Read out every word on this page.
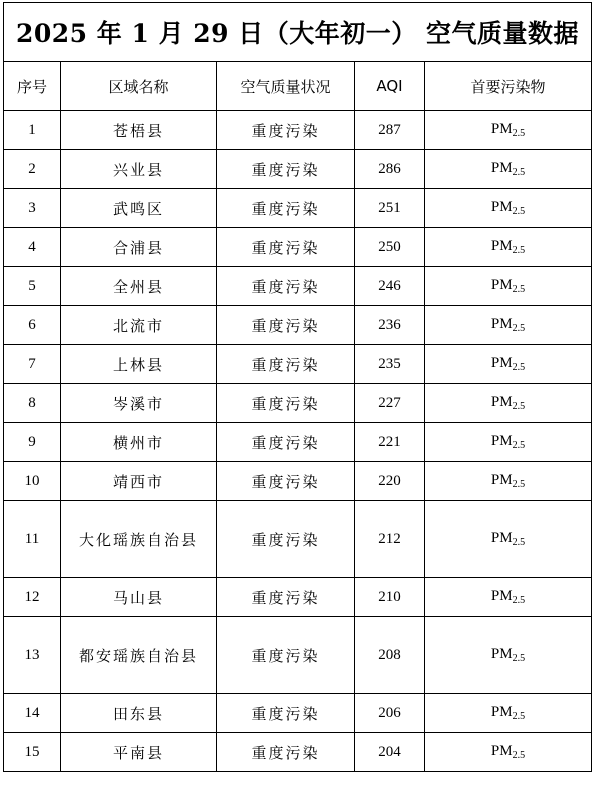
2025 年 1 月 29 日（大年初一） 空气质量数据				
序号	区域名称	空气质量状况	AQI	首要污染物
1	苍梧县	重度污染	287	$PM_{2.5}$
2	兴业县	重度污染	286	$PM_{2.5}$
3	武鸣区	重度污染	251	$PM_{2.5}$
4	合浦县	重度污染	250	$PM_{2.5}$
5	全州县	重度污染	246	$PM_{2.5}$
6	北流市	重度污染	236	$PM_{2.5}$
7	上林县	重度污染	235	$PM_{2.5}$
8	岑溪市	重度污染	227	$PM_{2.5}$
9	横州市	重度污染	221	$PM_{2.5}$
10	靖西市	重度污染	220	$PM_{2.5}$
11	大化瑶族自治县	重度污染	212	$PM_{2.5}$
12	马山县	重度污染	210	$PM_{2.5}$
13	都安瑶族自治县	重度污染	208	$PM_{2.5}$
14	田东县	重度污染	206	$PM_{2.5}$
15	平南县	重度污染	204	$PM_{2.5}$
